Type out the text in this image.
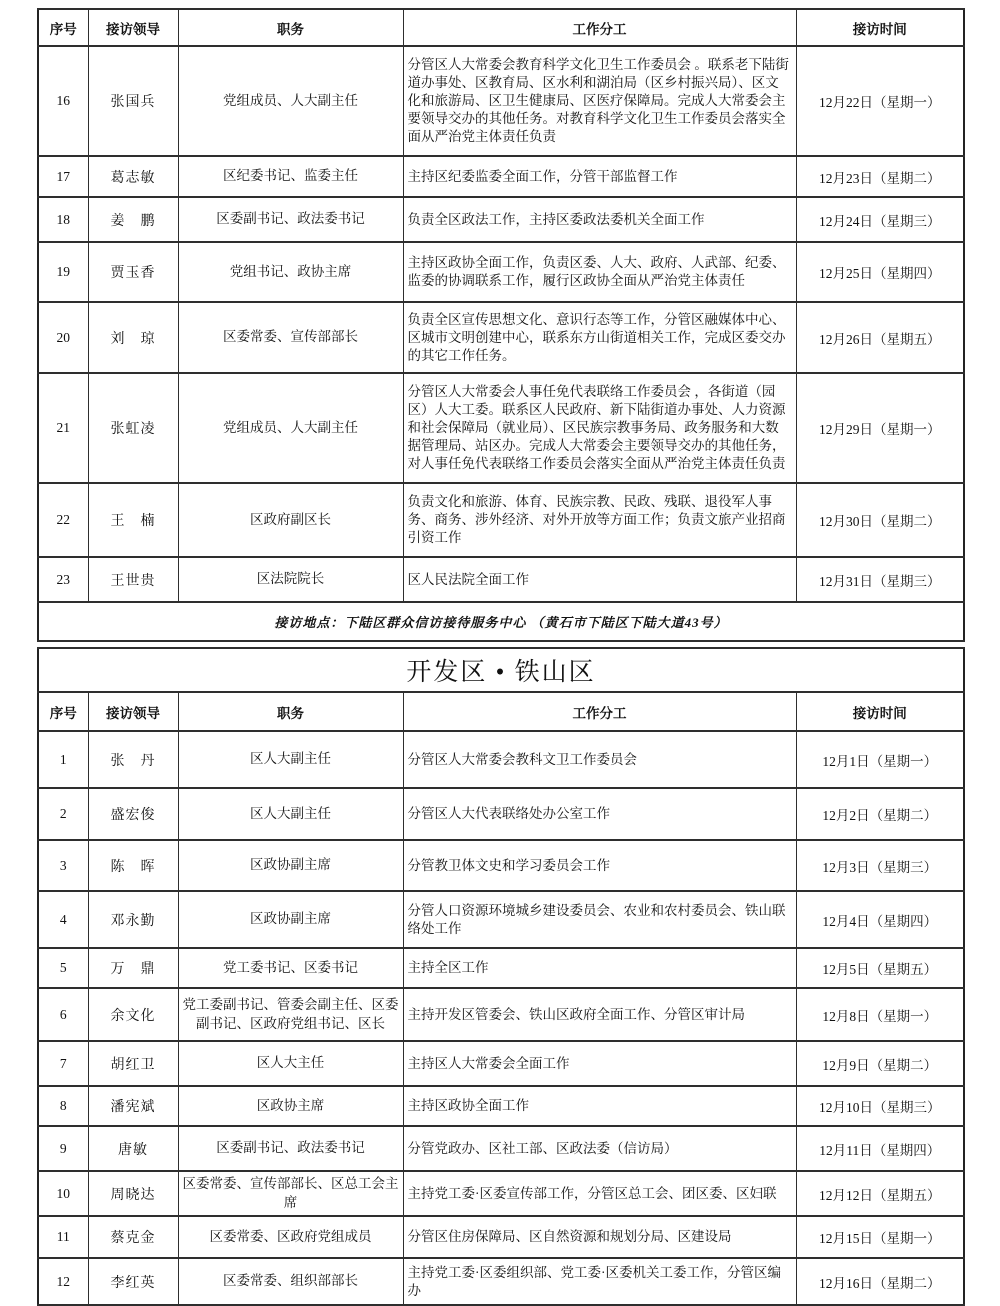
序号	接访领导	职务	工作分工	接访时间
16	张国兵	党组成员、人大副主任	分管区人大常委会教育科学文化卫生工作委员会 。联系老下陆街道办事处、区教育局、区水利和湖泊局（区乡村振兴局）、区文化和旅游局、区卫生健康局、区医疗保障局。完成人大常委会主要领导交办的其他任务。对教育科学文化卫生工作委员会落实全面从严治党主体责任负责	12月22日（星期一）
17	葛志敏	区纪委书记、监委主任	主持区纪委监委全面工作，分管干部监督工作	12月23日（星期二）
18	姜　鹏	区委副书记、政法委书记	负责全区政法工作，主持区委政法委机关全面工作	12月24日（星期三）
19	贾玉香	党组书记、政协主席	主持区政协全面工作，负责区委、人大、政府、人武部、纪委、监委的协调联系工作，履行区政协全面从严治党主体责任	12月25日（星期四）
20	刘　琼	区委常委、宣传部部长	负责全区宣传思想文化、意识行态等工作，分管区融媒体中心、区城市文明创建中心，联系东方山街道相关工作，完成区委交办的其它工作任务。	12月26日（星期五）
21	张虹凌	党组成员、人大副主任	分管区人大常委会人事任免代表联络工作委员会 ，各街道（园区）人大工委。联系区人民政府、新下陆街道办事处、人力资源和社会保障局（就业局）、区民族宗教事务局、政务服务和大数据管理局、站区办。完成人大常委会主要领导交办的其他任务，对人事任免代表联络工作委员会落实全面从严治党主体责任负责	12月29日（星期一）
22	王　楠	区政府副区长	负责文化和旅游、体育、民族宗教、民政、残联、退役军人事务、商务、涉外经济、对外开放等方面工作；负责文旅产业招商引资工作	12月30日（星期二）
23	王世贵	区法院院长	区人民法院全面工作	12月31日（星期三）
接访地点：下陆区群众信访接待服务中心 （黄石市下陆区下陆大道43号）				
开发区 • 铁山区				
序号	接访领导	职务	工作分工	接访时间
1	张　丹	区人大副主任	分管区人大常委会教科文卫工作委员会	12月1日（星期一）
2	盛宏俊	区人大副主任	分管区人大代表联络处办公室工作	12月2日（星期二）
3	陈　晖	区政协副主席	分管教卫体文史和学习委员会工作	12月3日（星期三）
4	邓永勤	区政协副主席	分管人口资源环境城乡建设委员会、农业和农村委员会、铁山联络处工作	12月4日（星期四）
5	万　鼎	党工委书记、区委书记	主持全区工作	12月5日（星期五）
6	余文化	党工委副书记、管委会副主任、区委副书记、区政府党组书记、区长	主持开发区管委会、铁山区政府全面工作、分管区审计局	12月8日（星期一）
7	胡红卫	区人大主任	主持区人大常委会全面工作	12月9日（星期二）
8	潘宪斌	区政协主席	主持区政协全面工作	12月10日（星期三）
9	唐敏	区委副书记、政法委书记	分管党政办、区社工部、区政法委（信访局）	12月11日（星期四）
10	周晓达	区委常委、宣传部部长、区总工会主席	主持党工委·区委宣传部工作，分管区总工会、团区委、区妇联	12月12日（星期五）
11	蔡克金	区委常委、区政府党组成员	分管区住房保障局、区自然资源和规划分局、区建设局	12月15日（星期一）
12	李红英	区委常委、组织部部长	主持党工委·区委组织部、党工委·区委机关工委工作，分管区编办	12月16日（星期二）
